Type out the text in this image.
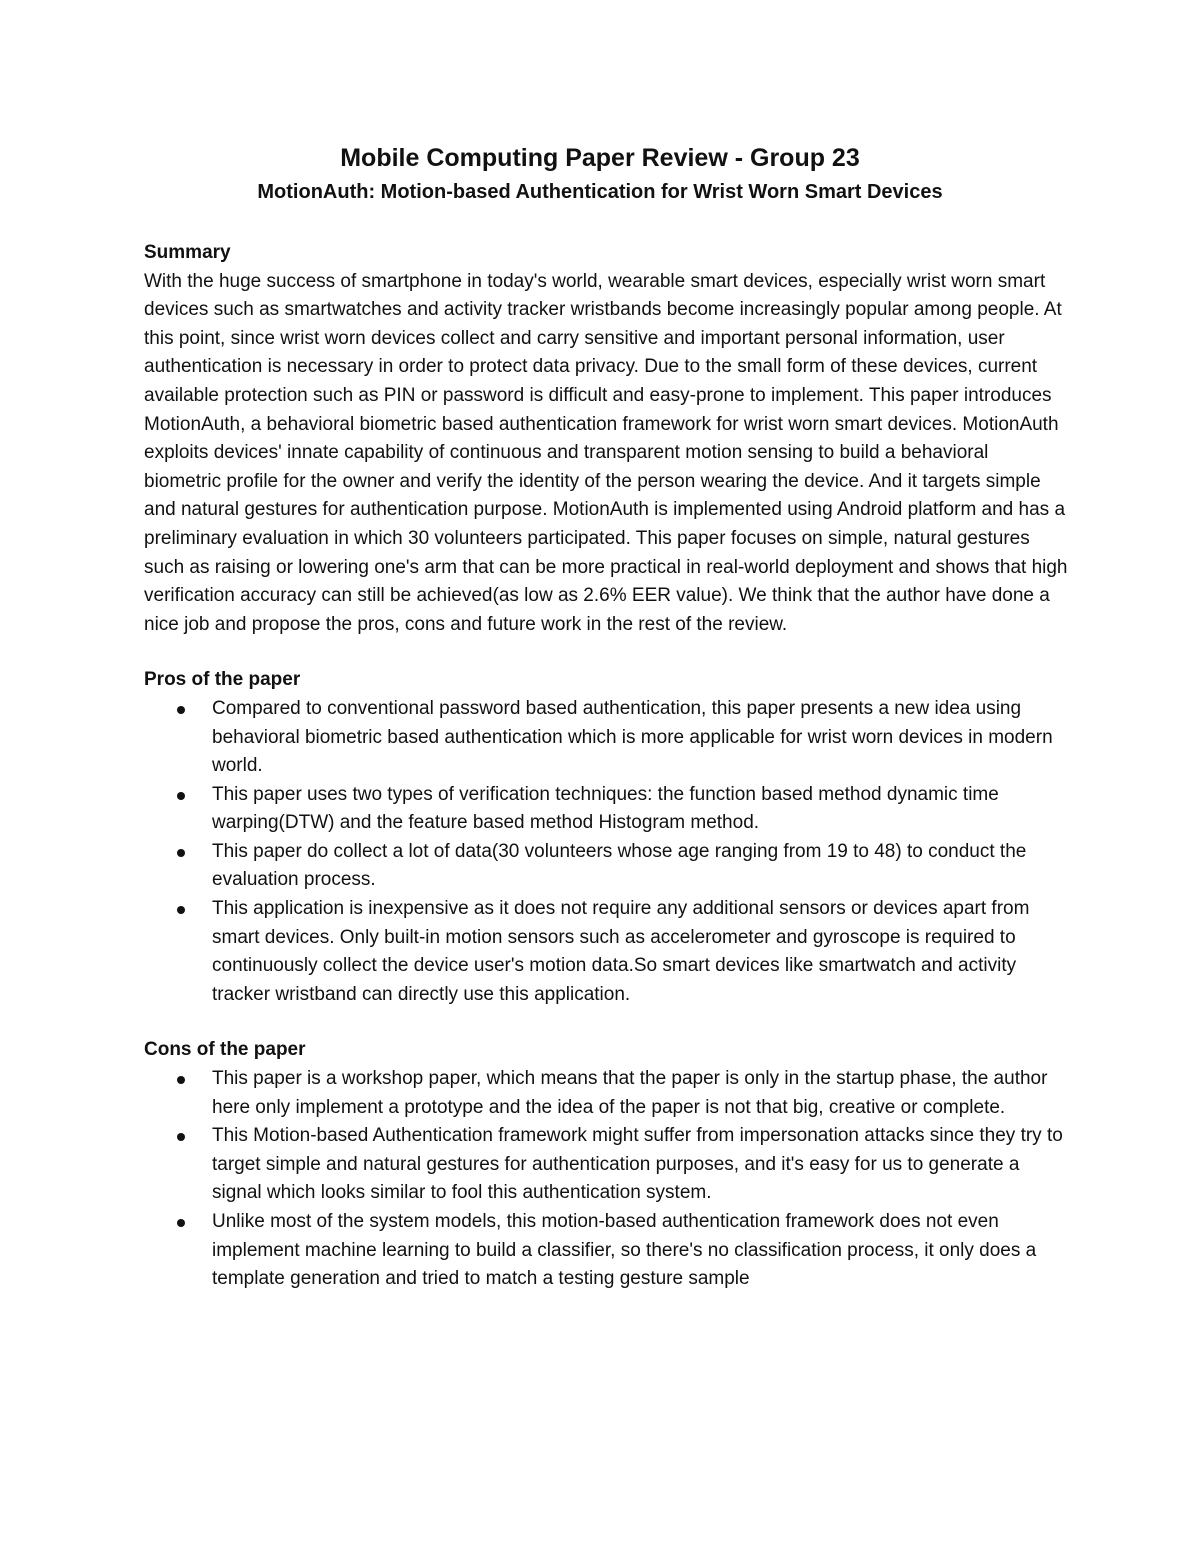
Mobile Computing Paper Review - Group 23
MotionAuth: Motion-based Authentication for Wrist Worn Smart Devices

Summary

With the huge success of smartphone in today's world, wearable smart devices, especially wrist worn smart devices such as smartwatches and activity tracker wristbands become increasingly popular among people. At this point, since wrist worn devices collect and carry sensitive and important personal information, user authentication is necessary in order to protect data privacy. Due to the small form of these devices, current available protection such as PIN or password is difficult and easy-prone to implement. This paper introduces MotionAuth, a behavioral biometric based authentication framework for wrist worn smart devices. MotionAuth exploits devices' innate capability of continuous and transparent motion sensing to build a behavioral biometric profile for the owner and verify the identity of the person wearing the device. And it targets simple and natural gestures for authentication purpose. MotionAuth is implemented using Android platform and has a preliminary evaluation in which 30 volunteers participated. This paper focuses on simple, natural gestures such as raising or lowering one's arm that can be more practical in real-world deployment and shows that high verification accuracy can still be achieved(as low as 2.6% EER value). We think that the author have done a nice job and propose the pros, cons and future work in the rest of the review.

Pros of the paper

Compared to conventional password based authentication, this paper presents a new idea using behavioral biometric based authentication which is more applicable for wrist worn devices in modern world.
This paper uses two types of verification techniques: the function based method dynamic time warping(DTW) and the feature based method Histogram method.
This paper do collect a lot of data(30 volunteers whose age ranging from 19 to 48) to conduct the evaluation process.
This application is inexpensive as it does not require any additional sensors or devices apart from smart devices. Only built-in motion sensors such as accelerometer and gyroscope is required to continuously collect the device user's motion data.So smart devices like smartwatch and activity tracker wristband can directly use this application.

Cons of the paper

This paper is a workshop paper, which means that the paper is only in the startup phase, the author here only implement a prototype and the idea of the paper is not that big, creative or complete.
This Motion-based Authentication framework might suffer from impersonation attacks since they try to target simple and natural gestures for authentication purposes, and it's easy for us to generate a signal which looks similar to fool this authentication system.
Unlike most of the system models, this motion-based authentication framework does not even implement machine learning to build a classifier, so there's no classification process, it only does a template generation and tried to match a testing gesture sample
